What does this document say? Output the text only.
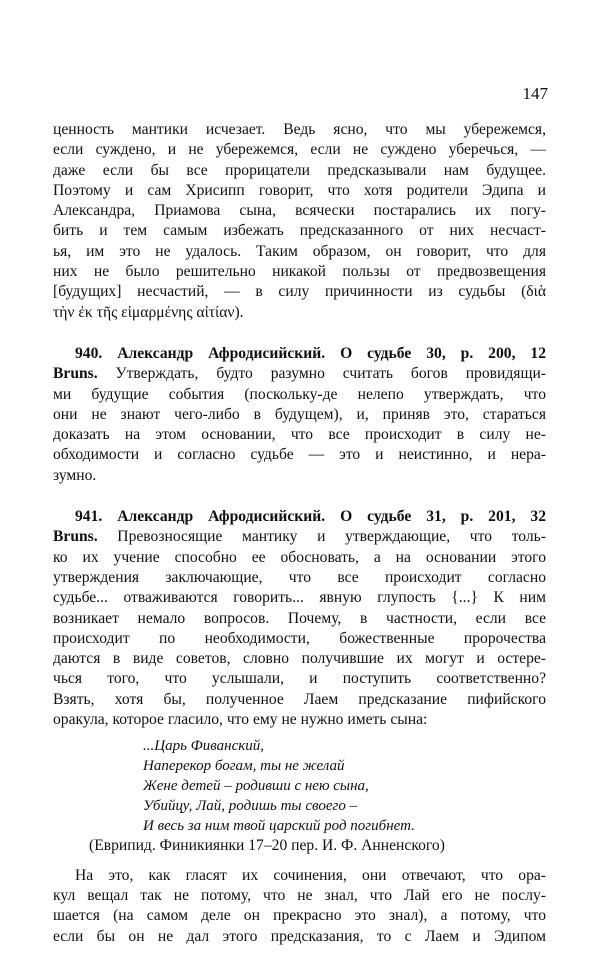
147
ценность мантики исчезает. Ведь ясно, что мы убережемся,
если суждено, и не убережемся, если не суждено уберечься, —
даже если бы все прорицатели предсказывали нам будущее.
Поэтому и сам Хрисипп говорит, что хотя родители Эдипа и
Александра, Приамова сына, всячески постарались их погу-
бить и тем самым избежать предсказанного от них несчаст-
ья, им это не удалось. Таким образом, он говорит, что для
них не было решительно никакой пользы от предвозвещения
[будущих] несчастий, — в силу причинности из судьбы (διὰ
τὴν ἐκ τῆς εἱμαρμένης αἰτίαν).
940. Александр Афродисийский. О судьбе 30, p. 200, 12
Bruns. Утверждать, будто разумно считать богов провидящи-
ми будущие события (поскольку-де нелепо утверждать, что
они не знают чего-либо в будущем), и, приняв это, стараться
доказать на этом основании, что все происходит в силу не-
обходимости и согласно судьбе — это и неистинно, и нера-
зумно.
941. Александр Афродисийский. О судьбе 31, p. 201, 32
Bruns. Превозносящие мантику и утверждающие, что толь-
ко их учение способно ее обосновать, а на основании этого
утверждения заключающие, что все происходит согласно
судьбе... отваживаются говорить... явную глупость {...} К ним
возникает немало вопросов. Почему, в частности, если все
происходит по необходимости, божественные пророчества
даются в виде советов, словно получившие их могут и остере-
чься того, что услышали, и поступить соответственно?
Взять, хотя бы, полученное Лаем предсказание пифийского
оракула, которое гласило, что ему не нужно иметь сына:
...Царь Фиванский,
Наперекор богам, ты не желай
Жене детей – родивши с нею сына,
Убийцу, Лай, родишь ты своего –
И весь за ним твой царский род погибнет.
(Еврипид. Финикиянки 17–20 пер. И. Ф. Анненского)
На это, как гласят их сочинения, они отвечают, что ора-
кул вещал так не потому, что не знал, что Лай его не послу-
шается (на самом деле он прекрасно это знал), а потому, что
если бы он не дал этого предсказания, то с Лаем и Эдипом
